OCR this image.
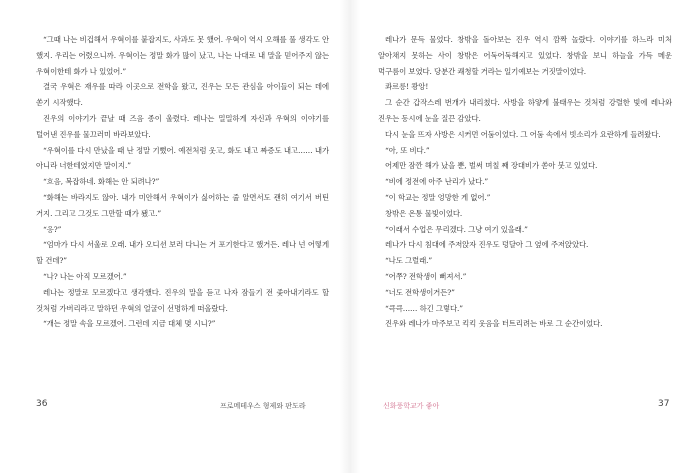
“그때 나는 비겁해서 우혁이를 붙잡지도, 사과도 못 했어. 우혁이 역시 오해를 풀 생각도 안 했지. 우리는 어렸으니까. 우혁이는 정말 화가 많이 났고, 나는 나대로 내 말을 믿어주지 않는 우혁이한테 화가 나 있었어.”

결국 우혁은 재우를 따라 이곳으로 전학을 왔고, 진우는 모든 관심을 아이들이 되는 데에 쏟기 시작했다.

진우의 이야기가 끝날 때 즈음 종이 울렸다. 레나는 밀밀하게 자신과 우혁의 이야기를 털어낸 진우를 물끄러미 바라보았다.

“우혁이를 다시 만났을 때 난 정말 기뻤어. 예전처럼 웃고, 화도 내고 짜증도 내고…… 내가 아니라 너한테였지만 말이지.”

“흐음, 복잡하네. 화해는 안 되려나?”

“화해는 바라지도 않아. 내가 미안해서 우혁이가 싫어하는 줄 알면서도 괜히 여기서 버틴 거지. 그리고 그것도 그만할 때가 됐고.”

“응?”

“엄마가 다시 서울로 오래. 내가 오디션 보러 다니는 거 포기한다고 했거든. 레나 넌 어떻게 할 건데?”

“나? 나는 아직 모르겠어.”

레나는 정말로 모르겠다고 생각했다. 진우의 말을 듣고 나자 잠들기 전 좇아내기라도 할 것처럼 가버리라고 말하던 우혁의 얼굴이 선명하게 떠올랐다.

“개는 정말 속을 모르겠어. 그런데 지금 대체 몇 시니?”

레나가 문득 물었다. 창밖을 돌아보는 진우 역시 깜짝 놀랐다. 이야기를 하느라 미처 알아채지 못하는 사이 창밖은 어둑어둑해지고 있었다. 창밖을 보니 하늘을 가득 메운 먹구름이 보였다. 당분간 쾌청할 거라는 일기예보는 거짓말이었다.

콰르릉! 쾅앙!

그 순간 갑작스레 번개가 내리쳤다. 사방을 하얗게 불태우는 것처럼 강렬한 빛에 레나와 진우는 동시에 눈을 질끈 감았다.

다시 눈을 뜨자 사방은 시커먼 어둠이었다. 그 어둠 속에서 빗소리가 요란하게 들려왔다.

“아, 또 비다.”

어제만 잠깐 해가 났을 뿐, 벌써 며칠 째 장대비가 쏟아 붓고 있었다.

“비에 정전에 아주 난리가 났다.”

“이 학교는 정말 엉망한 게 없어.”

창밖은 온통 물빛이었다.

“이래서 수업은 무리겠다. 그냥 여기 있을래.”

레나가 다시 침대에 주저앉자 진우도 덩달아 그 옆에 주저앉았다.

“나도 그럴래.”

“어쭈? 전학생이 뻐져서.”

“너도 전학생이거든?”

“큭큭…… 하긴 그렇다.”

진우와 레나가 마주보고 킥킥 웃음을 터트리려는 바로 그 순간이었다.

36	프로메테우스 형제와 판도라	신화풍학교가 좋아	37
